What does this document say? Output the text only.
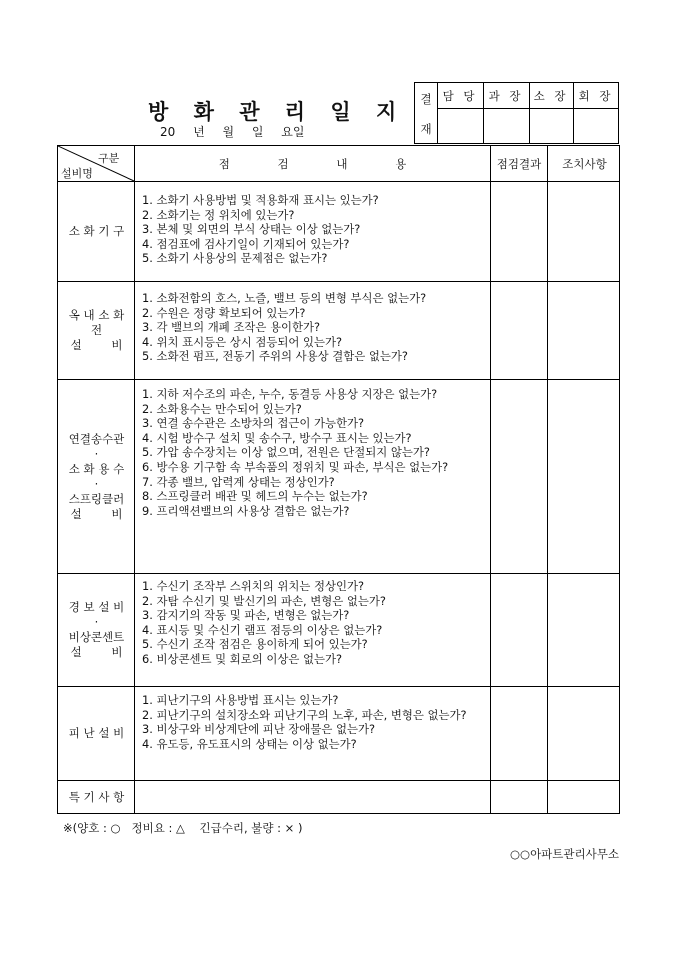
방 화 관 리 일 지
20 년 월 일 요일
결
재
담 당 과 장 소 장 회 장
구분
설비명
점 검 내 용	점검결과	조치사항
소 화 기 구
1. 소화기 사용방법 및 적용화재 표시는 있는가?
2. 소화기는 정 위치에 있는가?
3. 본체 및 외면의 부식 상태는 이상 없는가?
4. 점검표에 검사기일이 기재되어 있는가?
5. 소화기 사용상의 문제점은 없는가?
옥 내 소 화
전
설 비
1. 소화전함의 호스, 노즐, 밸브 등의 변형 부식은 없는가?
2. 수원은 정량 확보되어 있는가?
3. 각 밸브의 개폐 조작은 용이한가?
4. 위치 표시등은 상시 점등되어 있는가?
5. 소화전 펌프, 전동기 주위의 사용상 결함은 없는가?
연결송수관
·
소 화 용 수
·
스프링클러
설 비
1. 지하 저수조의 파손, 누수, 동결등 사용상 지장은 없는가?
2. 소화용수는 만수되어 있는가?
3. 연결 송수관은 소방차의 접근이 가능한가?
4. 시험 방수구 설치 및 송수구, 방수구 표시는 있는가?
5. 가압 송수장치는 이상 없으며, 전원은 단절되지 않는가?
6. 방수용 기구함 속 부속품의 정위치 및 파손, 부식은 없는가?
7. 각종 밸브, 압력계 상태는 정상인가?
8. 스프링클러 배관 및 헤드의 누수는 없는가?
9. 프리액션밸브의 사용상 결함은 없는가?
경 보 설 비
·
비상콘센트
설 비
1. 수신기 조작부 스위치의 위치는 정상인가?
2. 자탐 수신기 및 발신기의 파손, 변형은 없는가?
3. 감지기의 작동 및 파손, 변형은 없는가?
4. 표시등 및 수신기 램프 점등의 이상은 없는가?
5. 수신기 조작 점검은 용이하게 되어 있는가?
6. 비상콘센트 및 회로의 이상은 없는가?
피 난 설 비
1. 피난기구의 사용방법 표시는 있는가?
2. 피난기구의 설치장소와 피난기구의 노후, 파손, 변형은 없는가?
3. 비상구와 비상계단에 피난 장애물은 없는가?
4. 유도등, 유도표시의 상태는 이상 없는가?
특 기 사 항
※(양호 : ○   정비요 : △    긴급수리, 불량 : × )
○○아파트관리사무소
